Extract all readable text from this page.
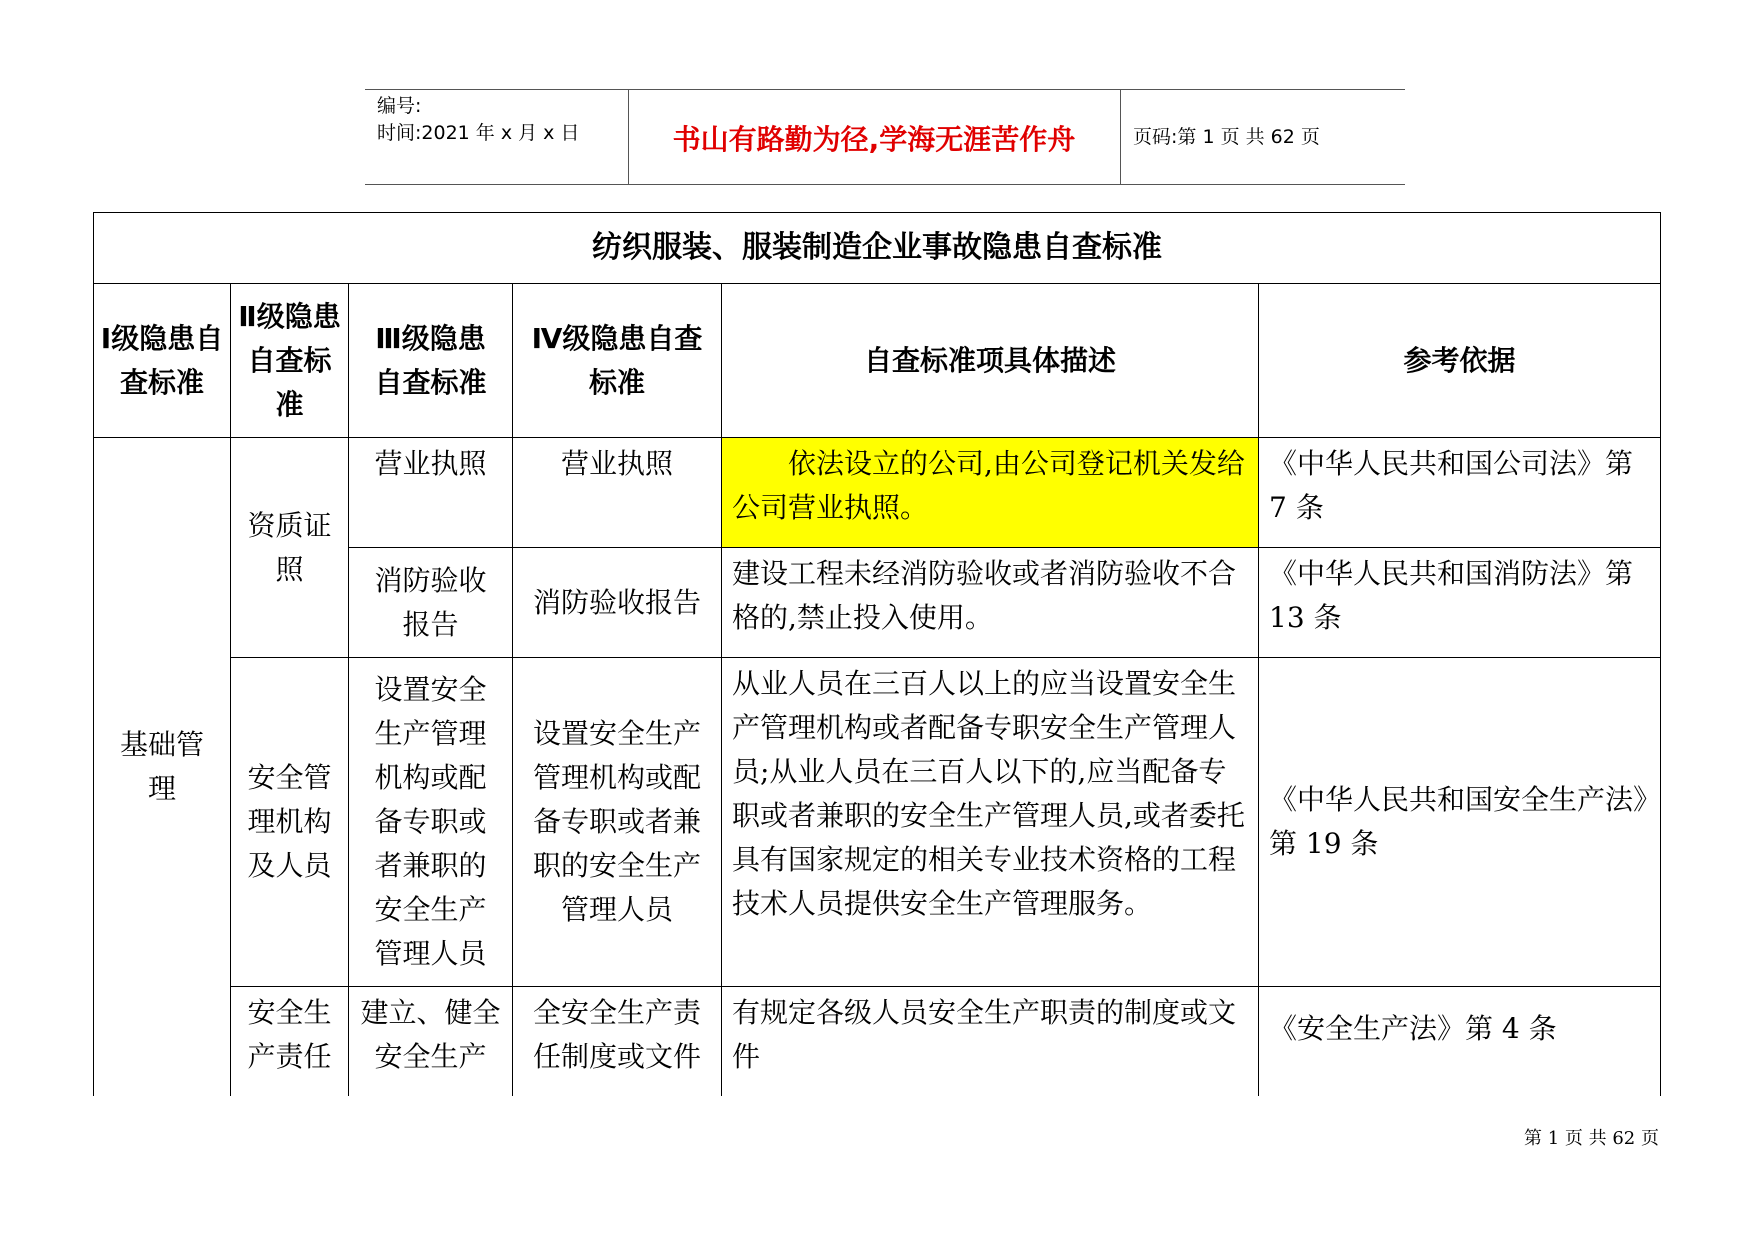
编号:
时间:2021 年 x 月 x 日	书山有路勤为径,学海无涯苦作舟	页码:第 1 页 共 62 页
纺织服装、服装制造企业事故隐患自查标准					
Ⅰ级隐患自查标准	Ⅱ级隐患自查标准	Ⅲ级隐患自查标准	Ⅳ级隐患自查标准	自查标准项具体描述	参考依据
基础管理	资质证照	营业执照	营业执照	依法设立的公司,由公司登记机关发给公司营业执照。	《中华人民共和国公司法》第 7 条
		消防验收报告	消防验收报告	建设工程未经消防验收或者消防验收不合格的,禁止投入使用。	《中华人民共和国消防法》第 13 条
	安全管理机构及人员	设置安全生产管理机构或配备专职或者兼职的安全生产管理人员	设置安全生产管理机构或配备专职或者兼职的安全生产管理人员	从业人员在三百人以上的应当设置安全生产管理机构或者配备专职安全生产管理人员;从业人员在三百人以下的,应当配备专职或者兼职的安全生产管理人员,或者委托具有国家规定的相关专业技术资格的工程技术人员提供安全生产管理服务。	《中华人民共和国安全生产法》第 19 条
	安全生产责任	建立、健全安全生产	全安全生产责任制度或文件	有规定各级人员安全生产职责的制度或文件	《安全生产法》第 4 条
第 1 页 共 62 页
